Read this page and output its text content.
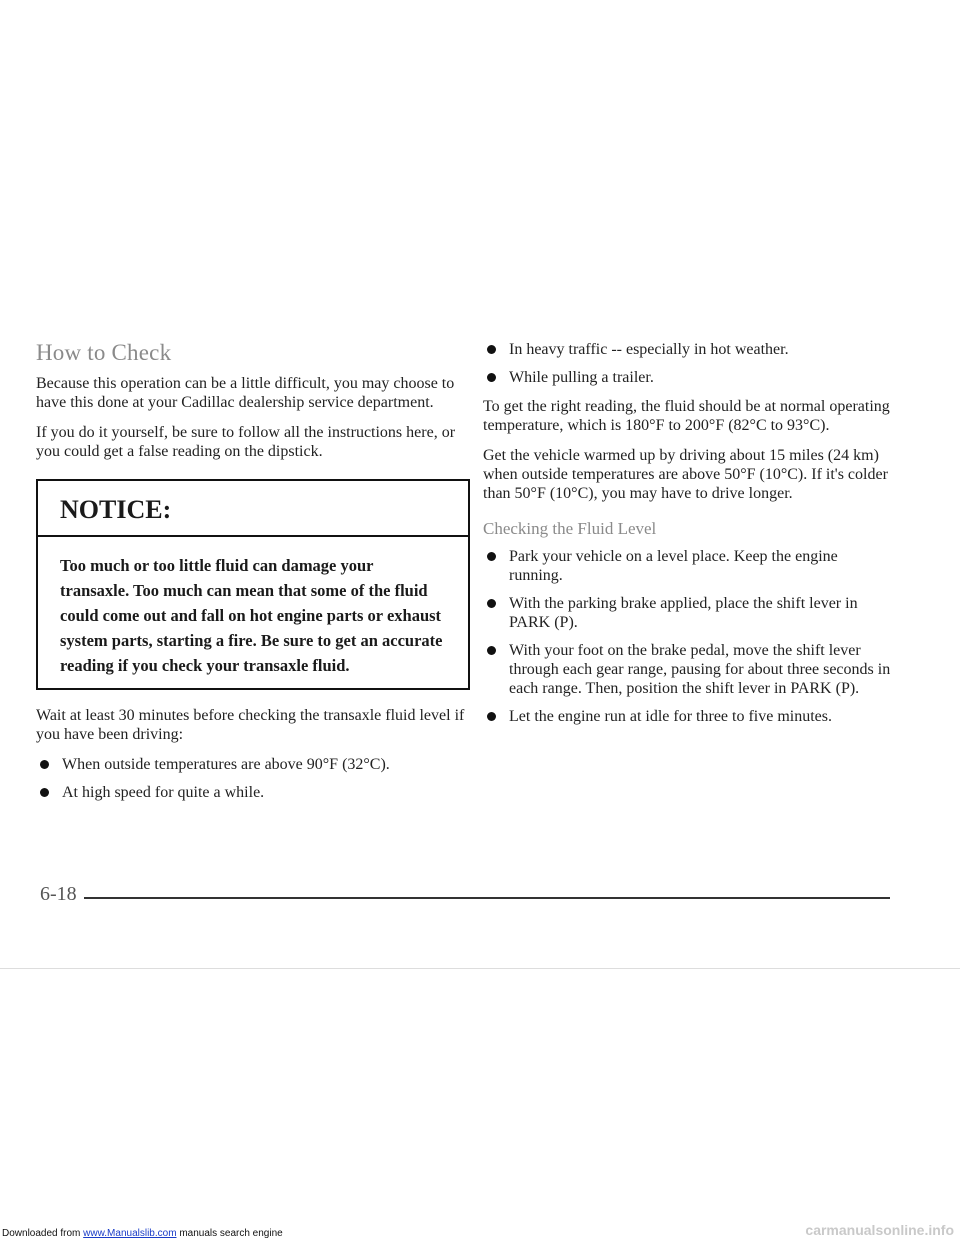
How to Check

Because this operation can be a little difficult, you may choose to have this done at your Cadillac dealership service department.

If you do it yourself, be sure to follow all the instructions here, or you could get a false reading on the dipstick.

NOTICE:
Too much or too little fluid can damage your transaxle. Too much can mean that some of the fluid could come out and fall on hot engine parts or exhaust system parts, starting a fire. Be sure to get an accurate reading if you check your transaxle fluid.

Wait at least 30 minutes before checking the transaxle fluid level if you have been driving:

When outside temperatures are above 90°F (32°C).
At high speed for quite a while.
In heavy traffic -- especially in hot weather.
While pulling a trailer.

To get the right reading, the fluid should be at normal operating temperature, which is 180°F to 200°F (82°C to 93°C).

Get the vehicle warmed up by driving about 15 miles (24 km) when outside temperatures are above 50°F (10°C). If it's colder than 50°F (10°C), you may have to drive longer.

Checking the Fluid Level
Park your vehicle on a level place. Keep the engine running.
With the parking brake applied, place the shift lever in PARK (P).
With your foot on the brake pedal, move the shift lever through each gear range, pausing for about three seconds in each range. Then, position the shift lever in PARK (P).
Let the engine run at idle for three to five minutes.
6-18
Downloaded from www.Manualslib.com manuals search engine	carmanualsonline.info
